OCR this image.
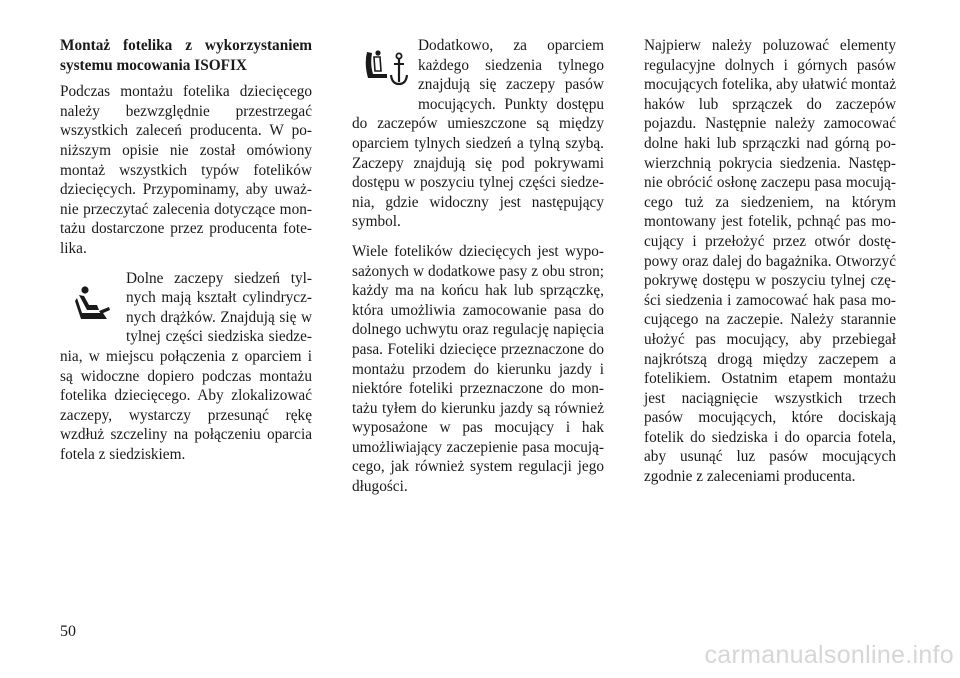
Montaż fotelika z wykorzystaniem systemu mocowania ISOFIX

Podczas montażu fotelika dziecięcego należy bezwzględnie przestrzegać wszystkich zaleceń producenta. W poniższym opisie nie został omówiony montaż wszystkich typów fotelików dziecięcych. Przypominamy, aby uważnie przeczytać zalecenia dotyczące montażu dostarczone przez producenta fotelika.

Dolne zaczepy siedzeń tylnych mają kształt cylindrycznych drążków. Znajdują się w tylnej części siedziska siedzenia, w miejscu połączenia z oparciem i są widoczne dopiero podczas montażu fotelika dziecięcego. Aby zlokalizować zaczepy, wystarczy przesunąć rękę wzdłuż szczeliny na połączeniu oparcia fotela z siedziskiem.

Dodatkowo, za oparciem każdego siedzenia tylnego znajdują się zaczepy pasów mocujących. Punkty dostępu do zaczepów umieszczone są między oparciem tylnych siedzeń a tylną szybą. Zaczepy znajdują się pod pokrywami dostępu w poszyciu tylnej części siedzenia, gdzie widoczny jest następujący symbol.

Wiele fotelików dziecięcych jest wyposażonych w dodatkowe pasy z obu stron; każdy ma na końcu hak lub sprzączkę, która umożliwia zamocowanie pasa do dolnego uchwytu oraz regulację napięcia pasa. Foteliki dziecięce przeznaczone do montażu przodem do kierunku jazdy i niektóre foteliki przeznaczone do montażu tyłem do kierunku jazdy są również wyposażone w pas mocujący i hak umożliwiający zaczepienie pasa mocującego, jak również system regulacji jego długości.

Najpierw należy poluzować elementy regulacyjne dolnych i górnych pasów mocujących fotelika, aby ułatwić montaż haków lub sprzączek do zaczepów pojazdu. Następnie należy zamocować dolne haki lub sprzączki nad górną powierzchnią pokrycia siedzenia. Następnie obrócić osłonę zaczepu pasa mocującego tuż za siedzeniem, na którym montowany jest fotelik, pchnąć pas mocujący i przełożyć przez otwór dostępowy oraz dalej do bagażnika. Otworzyć pokrywę dostępu w poszyciu tylnej części siedzenia i zamocować hak pasa mocującego na zaczepie. Należy starannie ułożyć pas mocujący, aby przebiegał najkrótszą drogą między zaczepem a fotelikiem. Ostatnim etapem montażu jest naciągnięcie wszystkich trzech pasów mocujących, które dociskają fotelik do siedziska i do oparcia fotela, aby usunąć luz pasów mocujących zgodnie z zaleceniami producenta.

50
carmanualsonline.info
